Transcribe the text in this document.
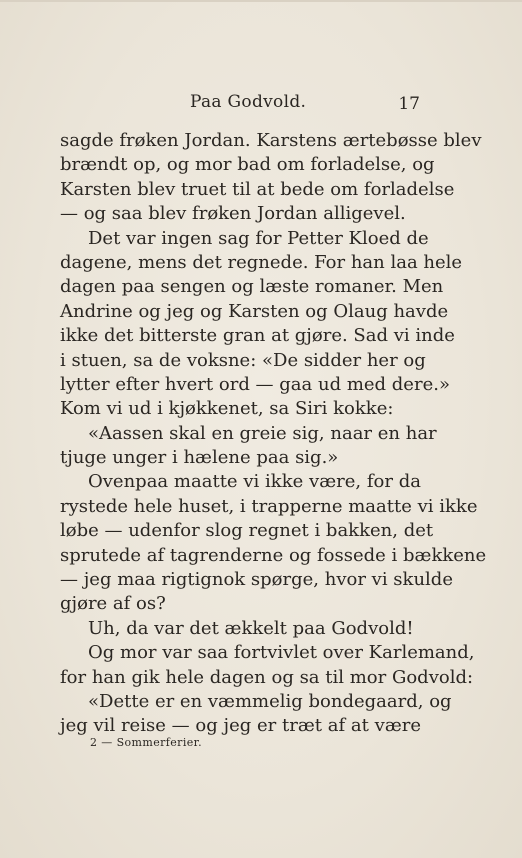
Paa Godvold.	17
sagde frøken Jordan. Karstens ærtebøsse blev
brændt op, og mor bad om forladelse, og
Karsten blev truet til at bede om forladelse
— og saa blev frøken Jordan alligevel.
Det var ingen sag for Petter Kloed de
dagene, mens det regnede. For han laa hele
dagen paa sengen og læste romaner. Men
Andrine og jeg og Karsten og Olaug havde
ikke det bitterste gran at gjøre. Sad vi inde
i stuen, sa de voksne: «De sidder her og
lytter efter hvert ord — gaa ud med dere.»
Kom vi ud i kjøkkenet, sa Siri kokke:
«Aassen skal en greie sig, naar en har
tjuge unger i hælene paa sig.»
Ovenpaa maatte vi ikke være, for da
rystede hele huset, i trapperne maatte vi ikke
løbe — udenfor slog regnet i bakken, det
sprutede af tagrenderne og fossede i bækkene
— jeg maa rigtignok spørge, hvor vi skulde
gjøre af os?
Uh, da var det ækkelt paa Godvold!
Og mor var saa fortvivlet over Karlemand,
for han gik hele dagen og sa til mor Godvold:
«Dette er en væmmelig bondegaard, og
jeg vil reise — og jeg er træt af at være
2 — Sommerferier.
